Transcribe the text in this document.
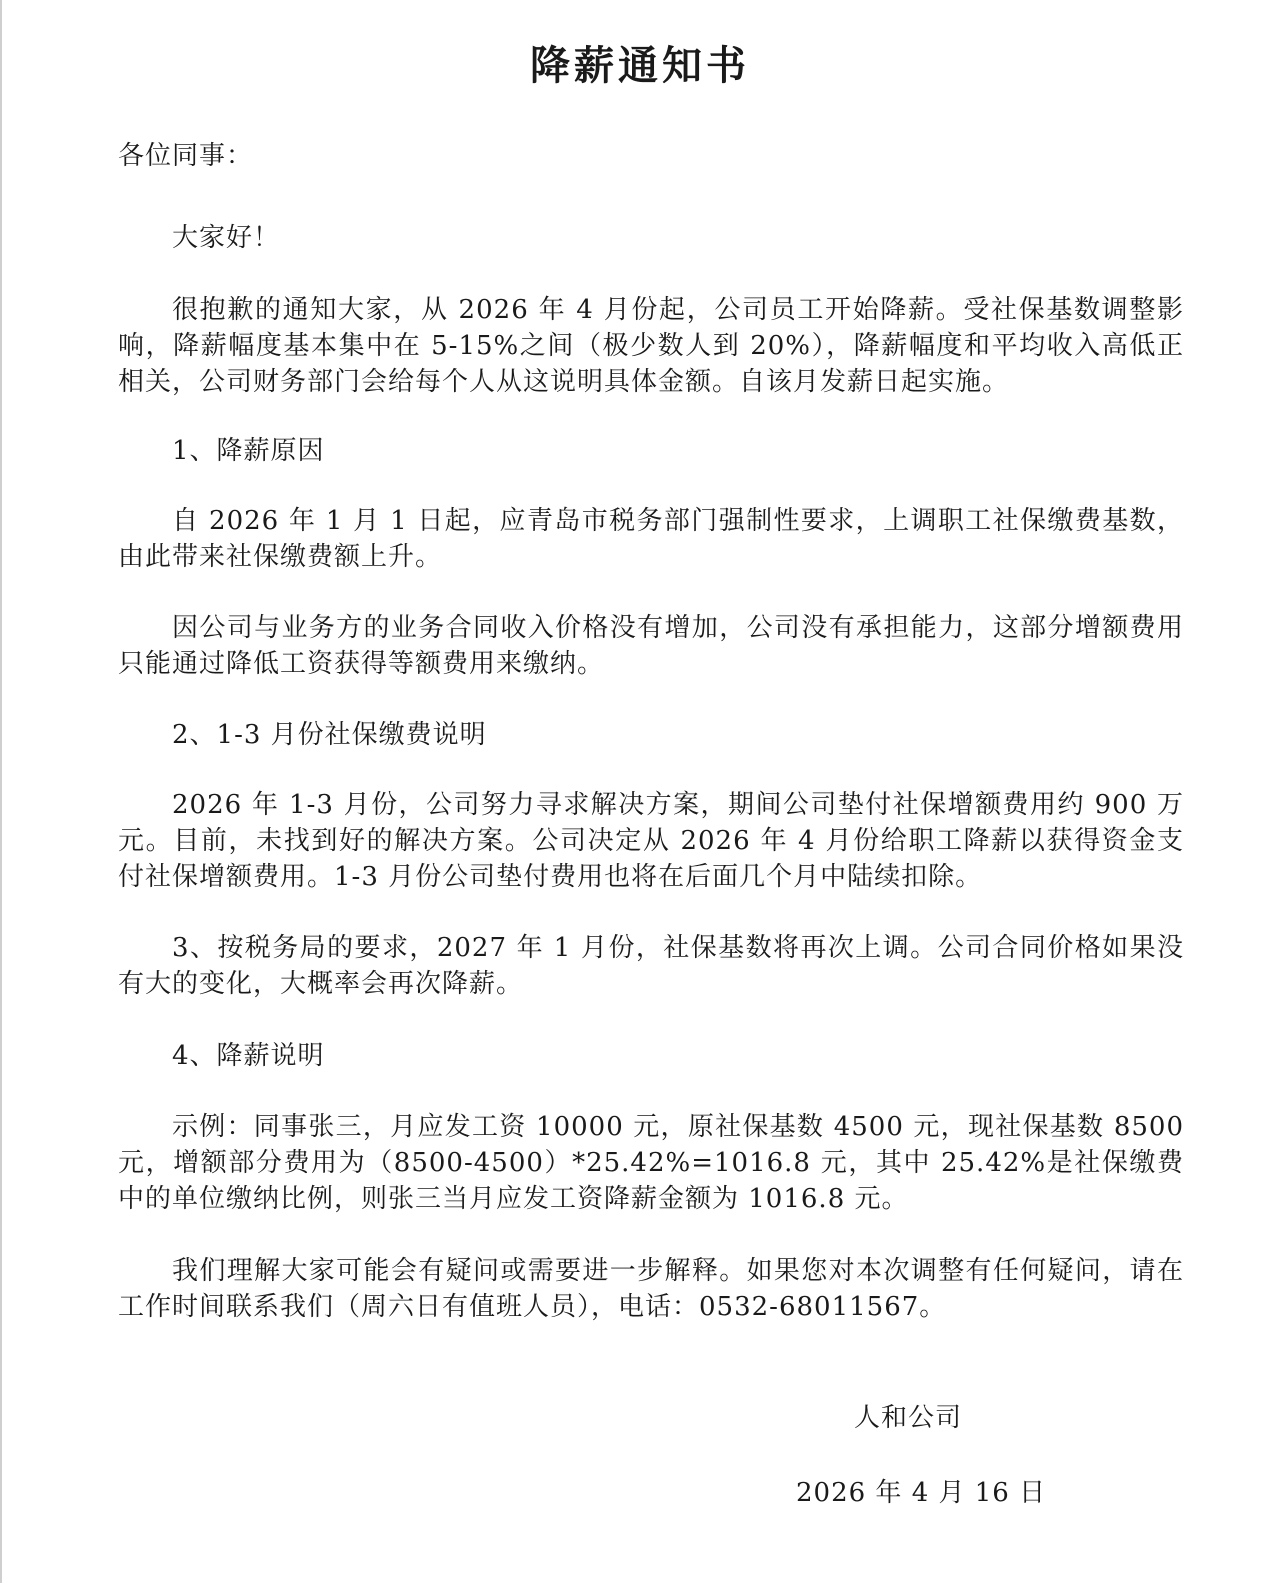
降薪通知书
各位同事：
大家好！
很抱歉的通知大家，从 2026 年 4 月份起，公司员工开始降薪。受社保基数调整影响，降薪幅度基本集中在 5-15%之间（极少数人到 20%），降薪幅度和平均收入高低正相关，公司财务部门会给每个人从这说明具体金额。自该月发薪日起实施。
1、降薪原因
自 2026 年 1 月 1 日起，应青岛市税务部门强制性要求，上调职工社保缴费基数，由此带来社保缴费额上升。
因公司与业务方的业务合同收入价格没有增加，公司没有承担能力，这部分增额费用只能通过降低工资获得等额费用来缴纳。
2、1-3 月份社保缴费说明
2026 年 1-3 月份，公司努力寻求解决方案，期间公司垫付社保增额费用约 900 万元。目前，未找到好的解决方案。公司决定从 2026 年 4 月份给职工降薪以获得资金支付社保增额费用。1-3 月份公司垫付费用也将在后面几个月中陆续扣除。
3、按税务局的要求，2027 年 1 月份，社保基数将再次上调。公司合同价格如果没有大的变化，大概率会再次降薪。
4、降薪说明
示例：同事张三，月应发工资 10000 元，原社保基数 4500 元，现社保基数 8500 元，增额部分费用为（8500-4500）*25.42%=1016.8 元，其中 25.42%是社保缴费中的单位缴纳比例，则张三当月应发工资降薪金额为 1016.8 元。
我们理解大家可能会有疑问或需要进一步解释。如果您对本次调整有任何疑问，请在工作时间联系我们（周六日有值班人员），电话：0532-68011567。
人和公司
2026 年 4 月 16 日
